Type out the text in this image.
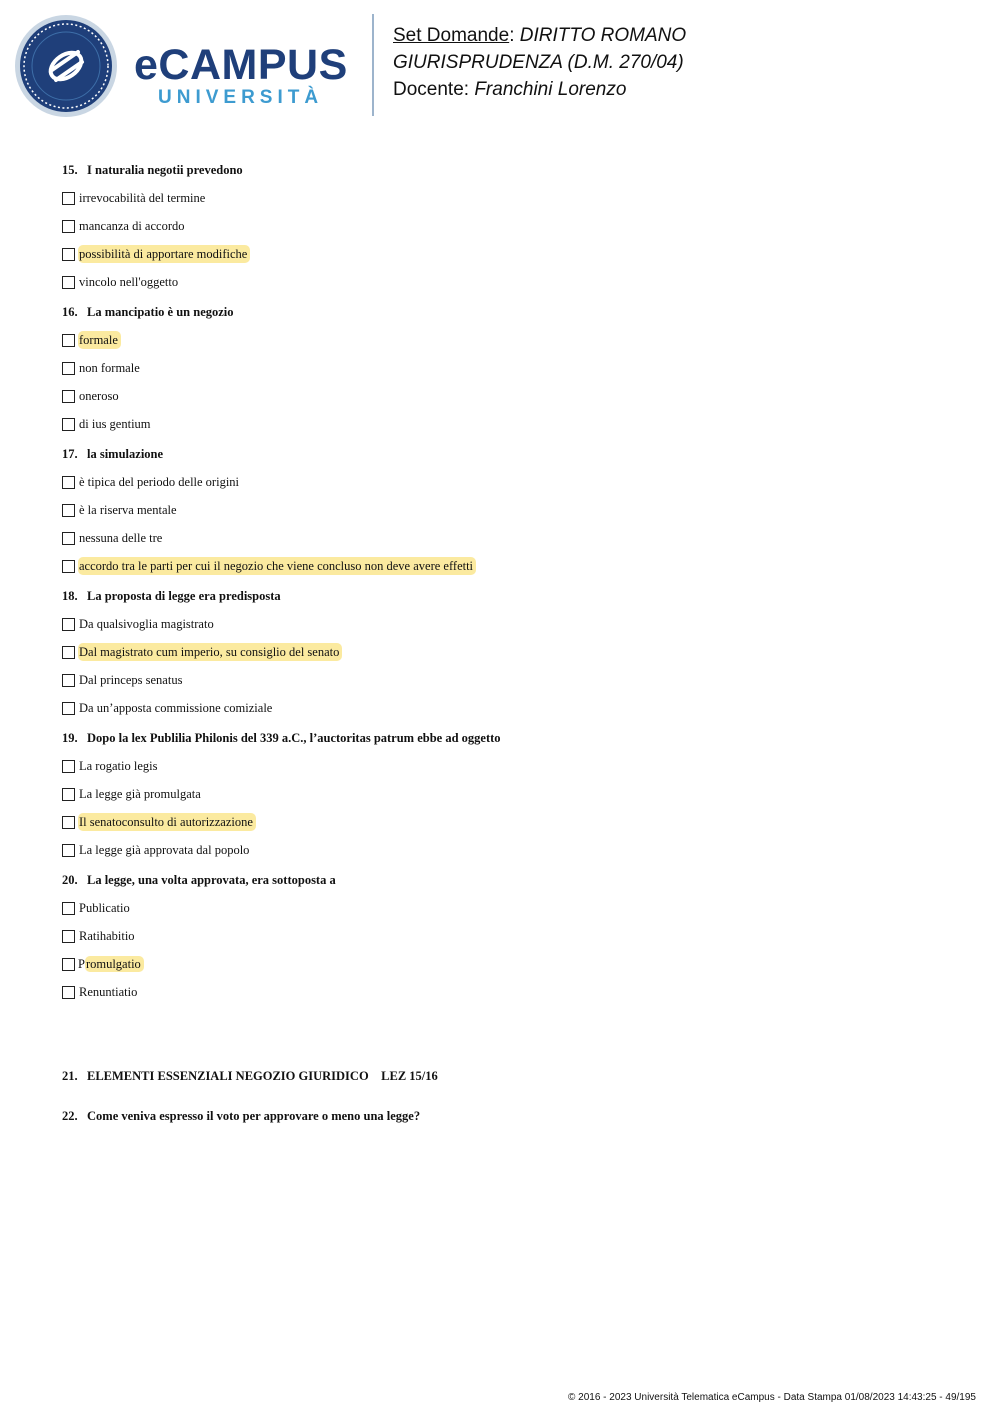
eCAMPUS
UNIVERSITÀ
Set Domande: DIRITTO ROMANO
GIURISPRUDENZA (D.M. 270/04)
Docente: Franchini Lorenzo
15. I naturalia negotii prevedono
irrevocabilità del termine
mancanza di accordo
possibilità di apportare modifiche
vincolo nell'oggetto
16. La mancipatio è un negozio
formale
non formale
oneroso
di ius gentium
17. la simulazione
è tipica del periodo delle origini
è la riserva mentale
nessuna delle tre
accordo tra le parti per cui il negozio che viene concluso non deve avere effetti
18. La proposta di legge era predisposta
Da qualsivoglia magistrato
Dal magistrato cum imperio, su consiglio del senato
Dal princeps senatus
Da un’apposta commissione comiziale
19. Dopo la lex Publilia Philonis del 339 a.C., l’auctoritas patrum ebbe ad oggetto
La rogatio legis
La legge già promulgata
Il senatoconsulto di autorizzazione
La legge già approvata dal popolo
20. La legge, una volta approvata, era sottoposta a
Publicatio
Ratihabitio
Promulgatio
Renuntiatio
21. ELEMENTI ESSENZIALI NEGOZIO GIURIDICO    LEZ 15/16
22. Come veniva espresso il voto per approvare o meno una legge?
© 2016 - 2023 Università Telematica eCampus - Data Stampa 01/08/2023 14:43:25 - 49/195
